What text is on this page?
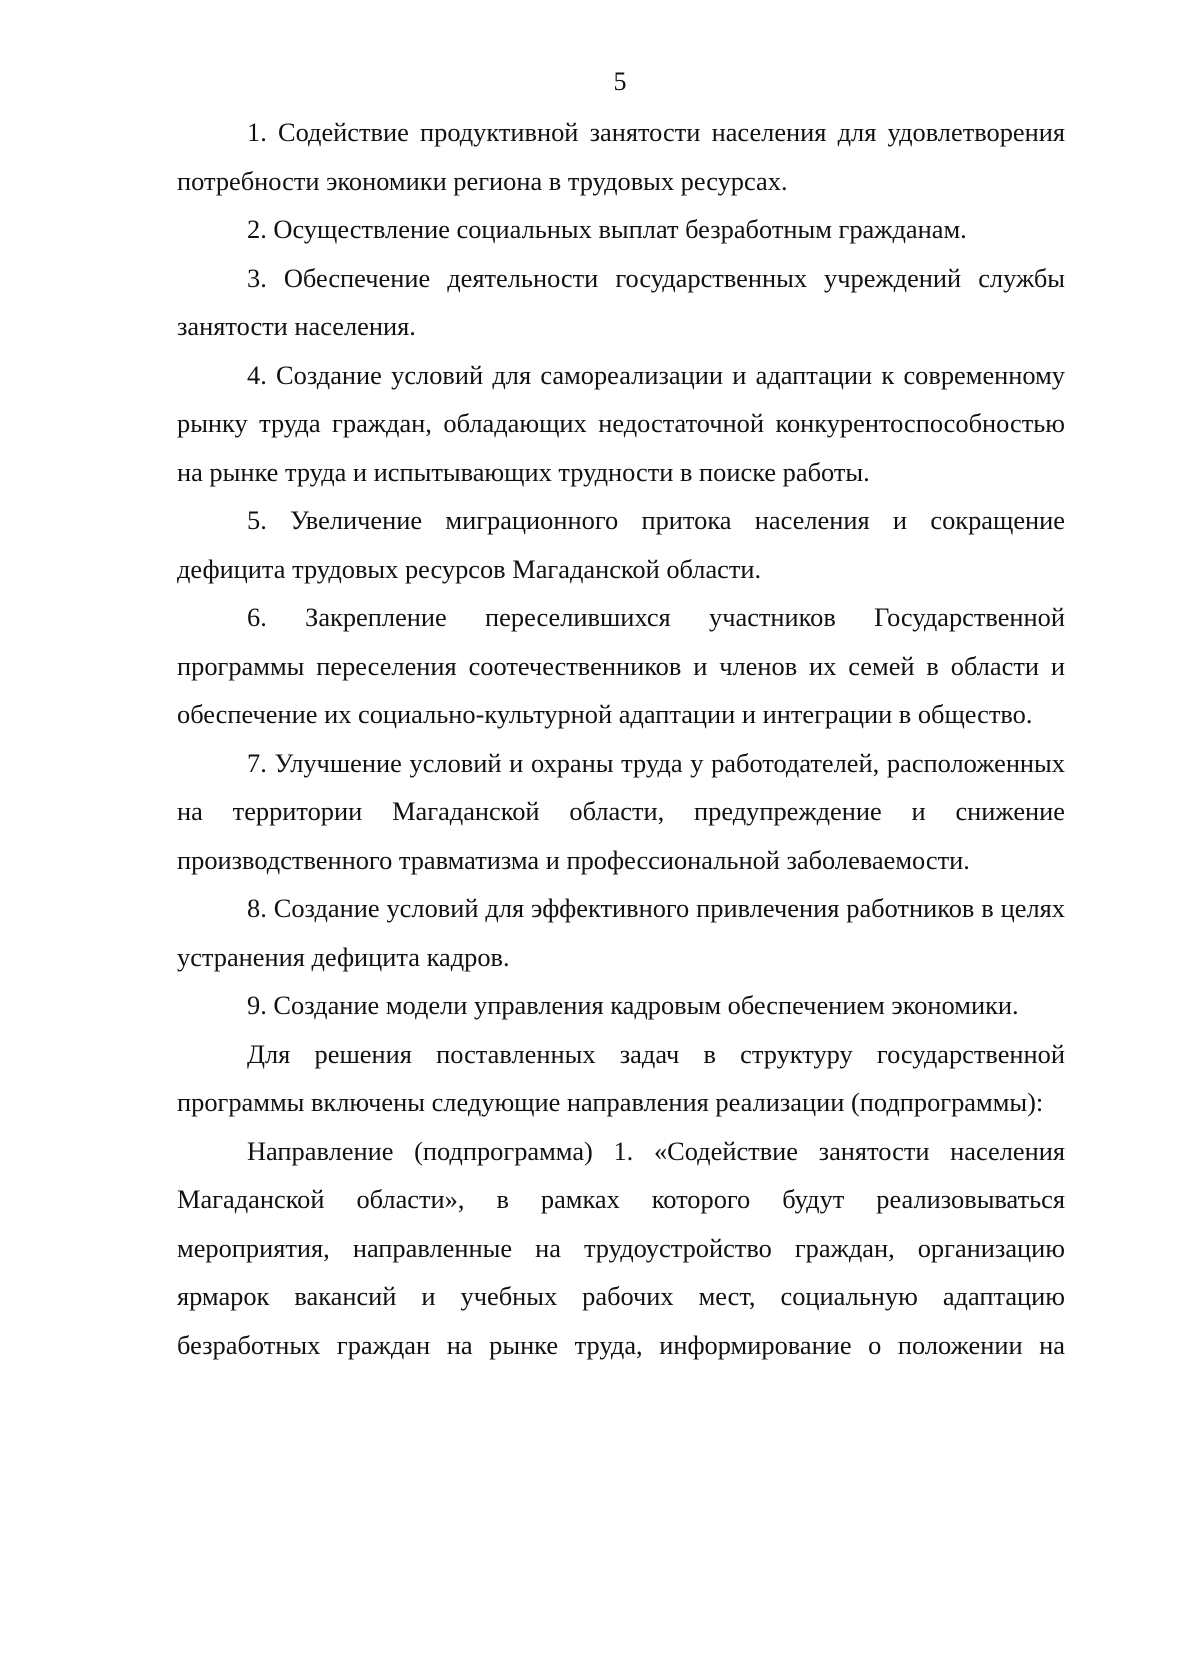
5

1. Содействие продуктивной занятости населения для удовлетворения потребности экономики региона в трудовых ресурсах.

2. Осуществление социальных выплат безработным гражданам.

3. Обеспечение деятельности государственных учреждений службы занятости населения.

4. Создание условий для самореализации и адаптации к современному рынку труда граждан, обладающих недостаточной конкурентоспособностью на рынке труда и испытывающих трудности в поиске работы.

5. Увеличение миграционного притока населения и сокращение дефицита трудовых ресурсов Магаданской области.

6. Закрепление переселившихся участников Государственной программы переселения соотечественников и членов их семей в области и обеспечение их социально-культурной адаптации и интеграции в общество.

7. Улучшение условий и охраны труда у работодателей, расположенных на территории Магаданской области, предупреждение и снижение производственного травматизма и профессиональной заболеваемости.

8. Создание условий для эффективного привлечения работников в целях устранения дефицита кадров.

9. Создание модели управления кадровым обеспечением экономики.

Для решения поставленных задач в структуру государственной программы включены следующие направления реализации (подпрограммы):

Направление (подпрограмма) 1. «Содействие занятости населения Магаданской области», в рамках которого будут реализовываться мероприятия, направленные на трудоустройство граждан, организацию ярмарок вакансий и учебных рабочих мест, социальную адаптацию безработных граждан на рынке труда, информирование о положении на
